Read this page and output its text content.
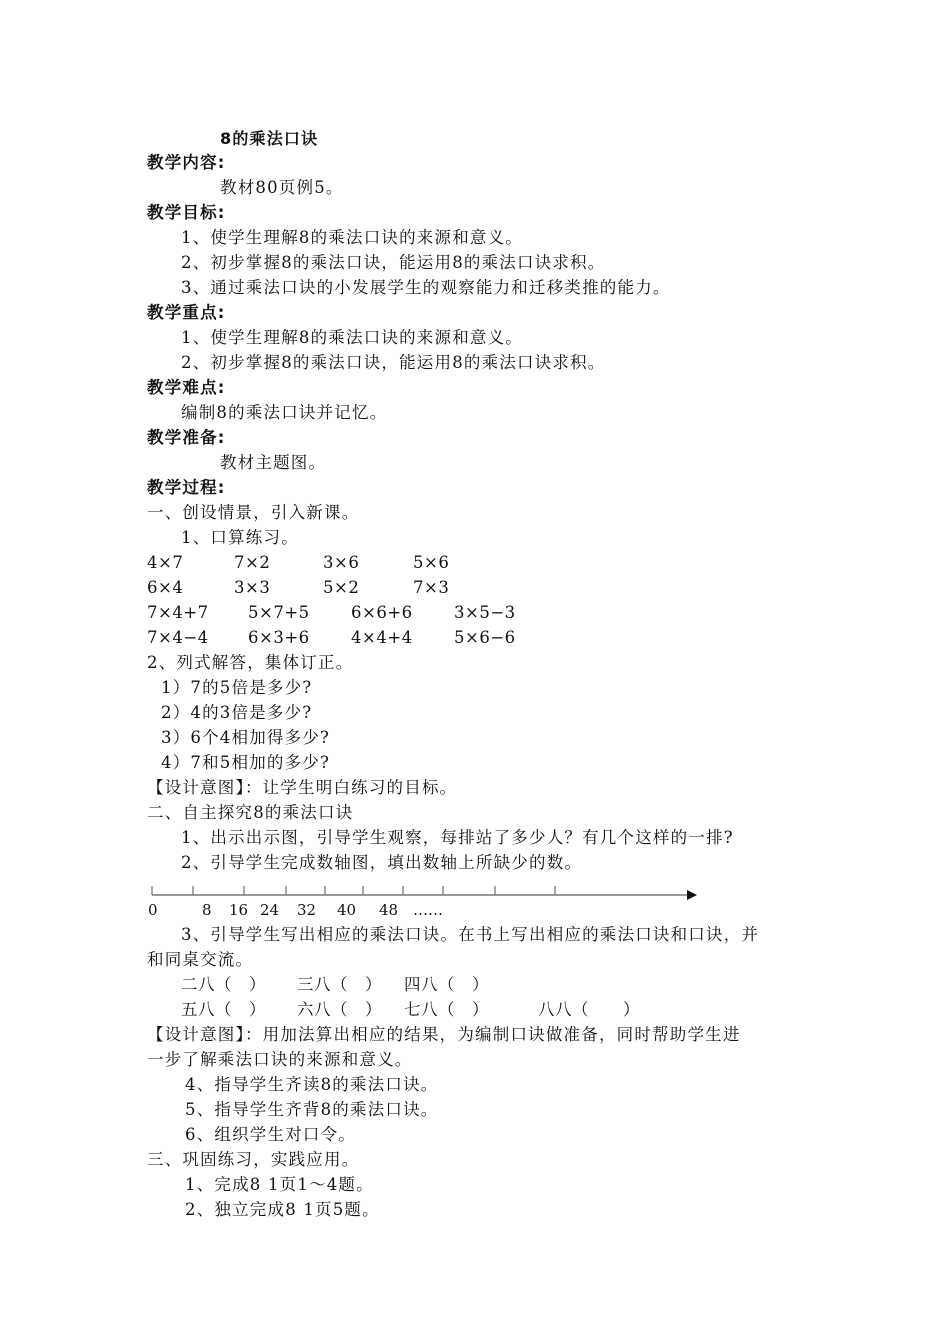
8的乘法口诀
教学内容:
教材80页例5。
教学目标:
1、使学生理解8的乘法口诀的来源和意义。
2、初步掌握8的乘法口诀，能运用8的乘法口诀求积。
3、通过乘法口诀的小发展学生的观察能力和迁移类推的能力。
教学重点:
1、使学生理解8的乘法口诀的来源和意义。
2、初步掌握8的乘法口诀，能运用8的乘法口诀求积。
教学难点:
编制8的乘法口诀并记忆。
教学准备:
教材主题图。
教学过程:
一、创设情景，引入新课。
1、口算练习。
4×7	7×2	3×6	5×6
6×4	3×3	5×2	7×3
7×4+7 5×7+5	6×6+6	3×5−3
7×4−4 6×3+6	4×4+4	5×6−6
2、列式解答，集体订正。
1）7的5倍是多少?
2）4的3倍是多少?
3）6个4相加得多少?
4）7和5相加的多少?
【设计意图】：让学生明白练习的目标。
二、自主探究8的乘法口诀
1、出示出示图，引导学生观察，每排站了多少人？有几个这样的一排?
2、引导学生完成数轴图，填出数轴上所缺少的数。
0	8 16 24 32 40 48 ……
3、引导学生写出相应的乘法口诀。在书上写出相应的乘法口诀和口诀，并
和同桌交流。
二八（　） 三八（　） 四八（　）
五八（　） 六八（　） 七八（　）	八八（　　）
【设计意图】：用加法算出相应的结果，为编制口诀做准备，同时帮助学生进
一步了解乘法口诀的来源和意义。
4、指导学生齐读8的乘法口诀。
5、指导学生齐背8的乘法口诀。
6、组织学生对口令。
三、巩固练习，实践应用。
1、完成8 1页1～4题。
2、独立完成8 1页5题。
